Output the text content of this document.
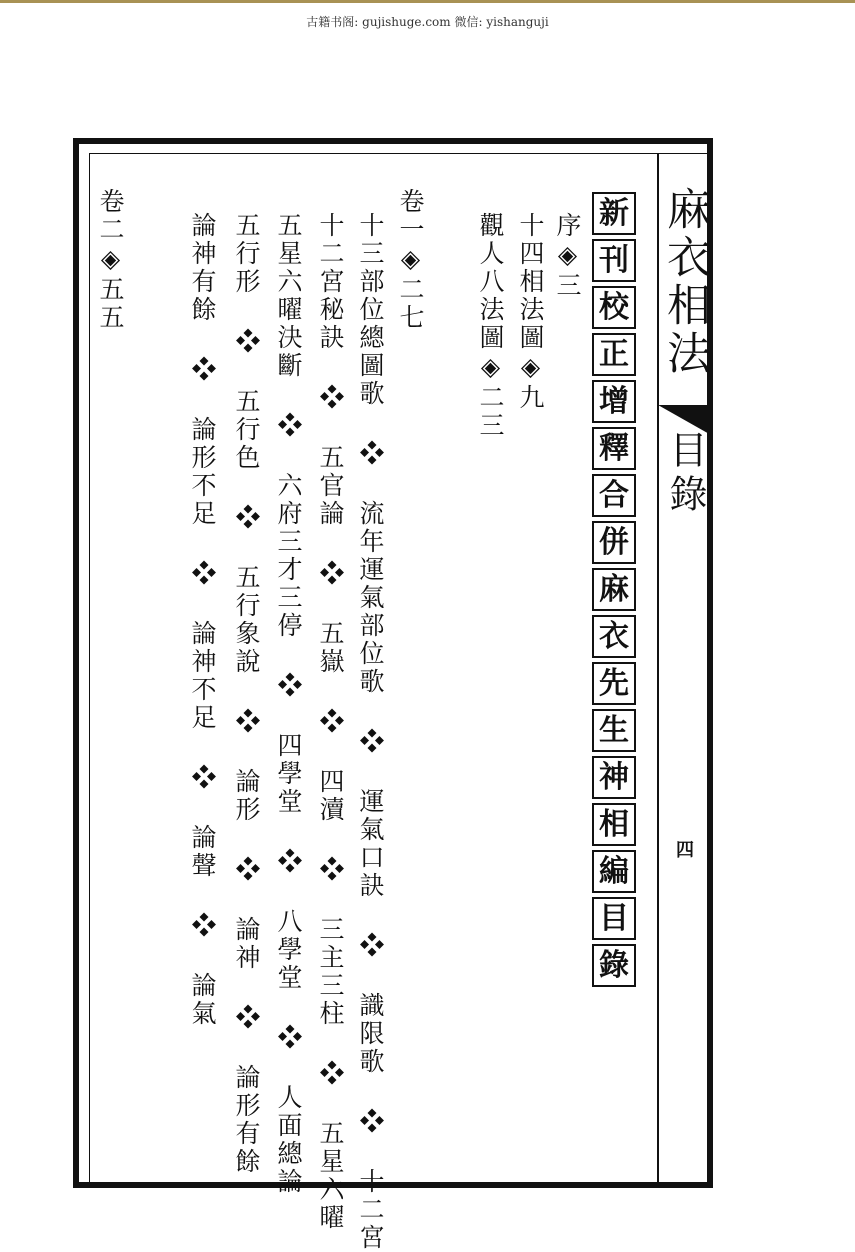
古籍书阁: gujishuge.com 微信: yishanguji
麻衣相法
目錄
四
新
刊
校
正
增
釋
合
併
麻
衣
先
生
神
相
編
目
錄
序◈三
十四相法圖◈九
觀人八法圖◈二三
卷一◈二七
十三部位總圖歌 ❖ 流年運氣部位歌 ❖ 運氣口訣 ❖ 識限歌 ❖ 十二宮
十二宮秘訣 ❖ 五官論 ❖ 五嶽 ❖ 四瀆 ❖ 三主三柱 ❖ 五星六曜
五星六曜決斷 ❖ 六府三才三停 ❖ 四學堂 ❖ 八學堂 ❖ 人面總論
五行形 ❖ 五行色 ❖ 五行象說 ❖ 論形 ❖ 論神 ❖ 論形有餘
論神有餘 ❖ 論形不足 ❖ 論神不足 ❖ 論聲 ❖ 論氣
卷二◈五五
